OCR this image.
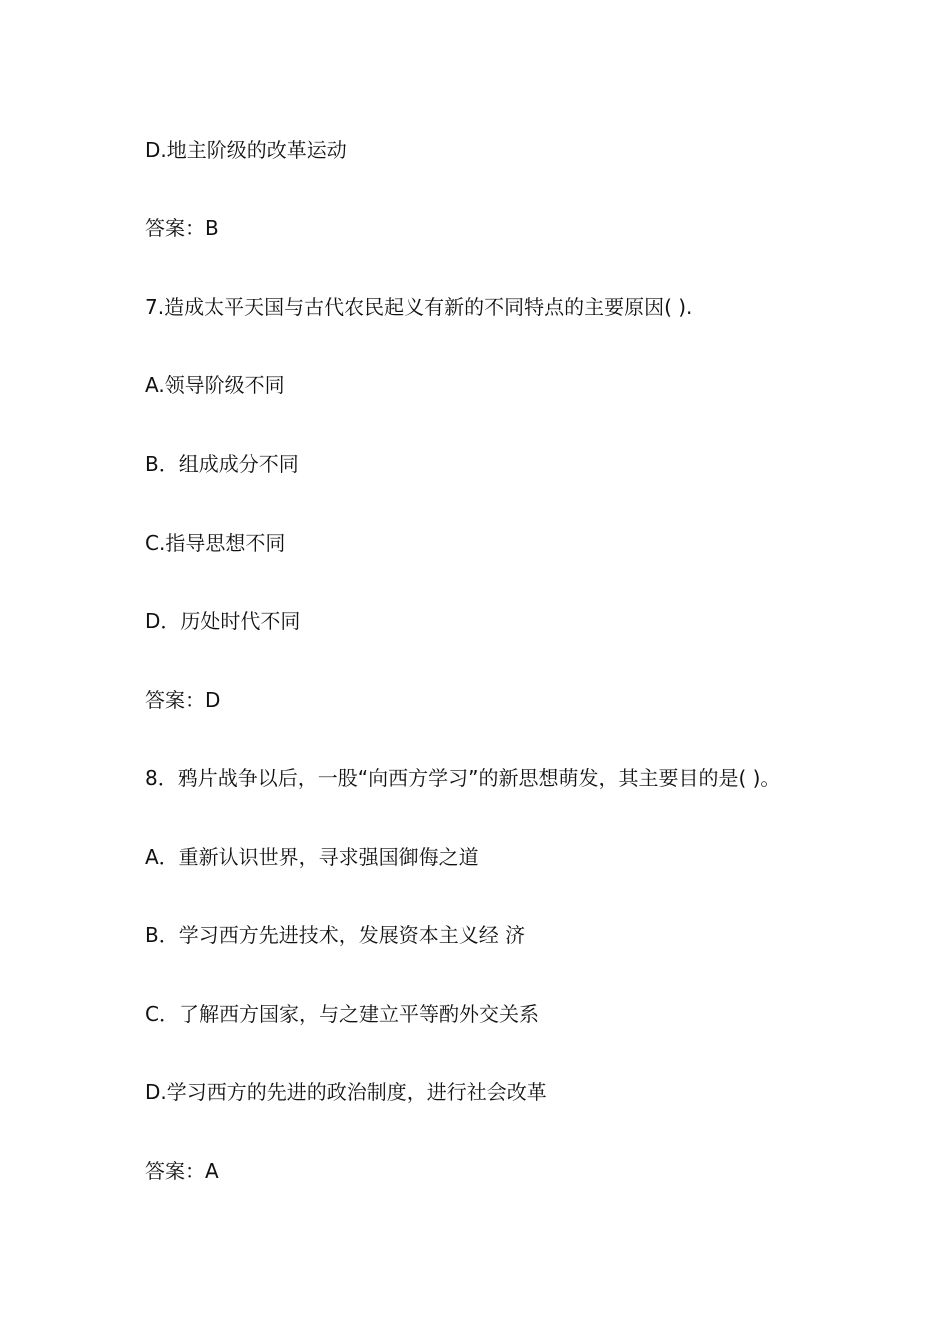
D.地主阶级的改革运动
答案：B
7.造成太平天国与古代农民起义有新的不同特点的主要原因( ).
A.领导阶级不同
B．组成成分不同
C.指导思想不同
D．历处时代不同
答案：D
8．鸦片战争以后，一股“向西方学习”的新思想萌发，其主要目的是( )。
A．重新认识世界，寻求强国御侮之道
B．学习西方先进技术，发展资本主义经 济
C．了解西方国家，与之建立平等酌外交关系
D.学习西方的先进的政治制度，进行社会改革
答案：A
